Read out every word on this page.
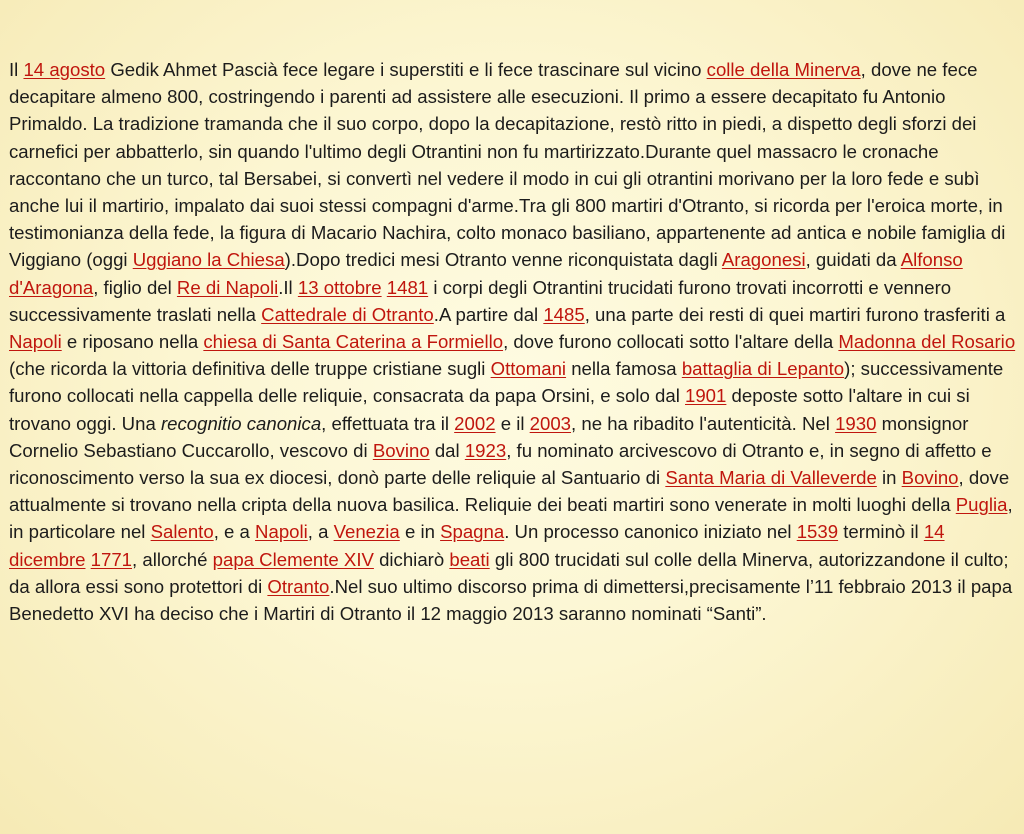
Il 14 agosto Gedik Ahmet Pascià fece legare i superstiti e li fece trascinare sul vicino colle della Minerva, dove ne fece decapitare almeno 800, costringendo i parenti ad assistere alle esecuzioni. Il primo a essere decapitato fu Antonio Primaldo. La tradizione tramanda che il suo corpo, dopo la decapitazione, restò ritto in piedi, a dispetto degli sforzi dei carnefici per abbatterlo, sin quando l'ultimo degli Otrantini non fu martirizzato.Durante quel massacro le cronache raccontano che un turco, tal Bersabei, si convertì nel vedere il modo in cui gli otrantini morivano per la loro fede e subì anche lui il martirio, impalato dai suoi stessi compagni d'arme.Tra gli 800 martiri d'Otranto, si ricorda per l'eroica morte, in testimonianza della fede, la figura di Macario Nachira, colto monaco basiliano, appartenente ad antica e nobile famiglia di Viggiano (oggi Uggiano la Chiesa).Dopo tredici mesi Otranto venne riconquistata dagli Aragonesi, guidati da Alfonso d'Aragona, figlio del Re di Napoli.Il 13 ottobre 1481 i corpi degli Otrantini trucidati furono trovati incorrotti e vennero successivamente traslati nella Cattedrale di Otranto.A partire dal 1485, una parte dei resti di quei martiri furono trasferiti a Napoli e riposano nella chiesa di Santa Caterina a Formiello, dove furono collocati sotto l'altare della Madonna del Rosario (che ricorda la vittoria definitiva delle truppe cristiane sugli Ottomani nella famosa battaglia di Lepanto); successivamente furono collocati nella cappella delle reliquie, consacrata da papa Orsini, e solo dal 1901 deposte sotto l'altare in cui si trovano oggi. Una recognitio canonica, effettuata tra il 2002 e il 2003, ne ha ribadito l'autenticità. Nel 1930 monsignor Cornelio Sebastiano Cuccarollo, vescovo di Bovino dal 1923, fu nominato arcivescovo di Otranto e, in segno di affetto e riconoscimento verso la sua ex diocesi, donò parte delle reliquie al Santuario di Santa Maria di Valleverde in Bovino, dove attualmente si trovano nella cripta della nuova basilica. Reliquie dei beati martiri sono venerate in molti luoghi della Puglia, in particolare nel Salento, e a Napoli, a Venezia e in Spagna. Un processo canonico iniziato nel 1539 terminò il 14 dicembre 1771, allorché papa Clemente XIV dichiarò beati gli 800 trucidati sul colle della Minerva, autorizzandone il culto; da allora essi sono protettori di Otranto.Nel suo ultimo discorso prima di dimettersi,precisamente l’11 febbraio 2013 il papa Benedetto XVI ha deciso che i Martiri di Otranto il 12 maggio 2013 saranno nominati “Santi”.
